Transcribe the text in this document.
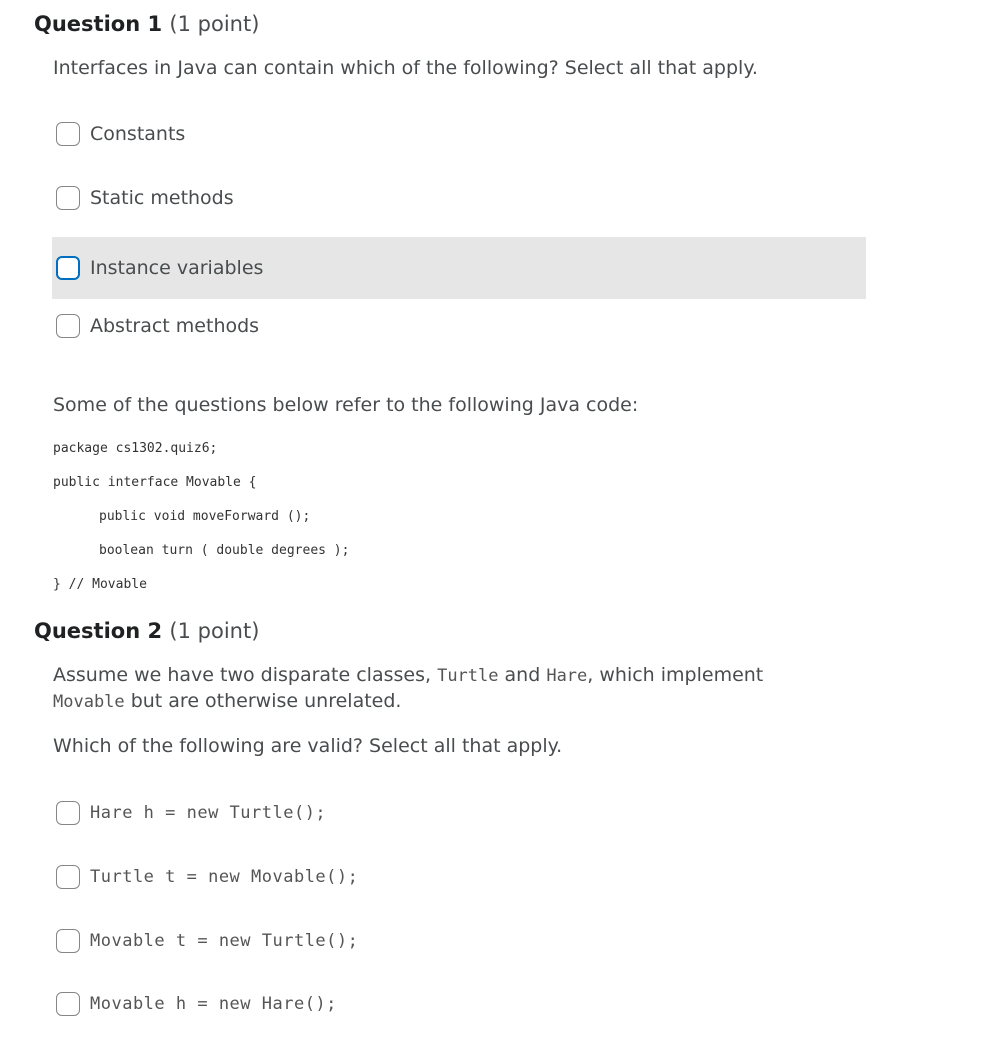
Question 1 (1 point)

Interfaces in Java can contain which of the following? Select all that apply.

Constants
Static methods
Instance variables
Abstract methods

Some of the questions below refer to the following Java code:

package cs1302.quiz6;
public interface Movable {
public void moveForward ();
boolean turn ( double degrees );
} // Movable
Question 2 (1 point)

Assume we have two disparate classes, Turtle and Hare, which implement
Movable but are otherwise unrelated.

Which of the following are valid? Select all that apply.

Hare h = new Turtle();
Turtle t = new Movable();
Movable t = new Turtle();
Movable h = new Hare();
